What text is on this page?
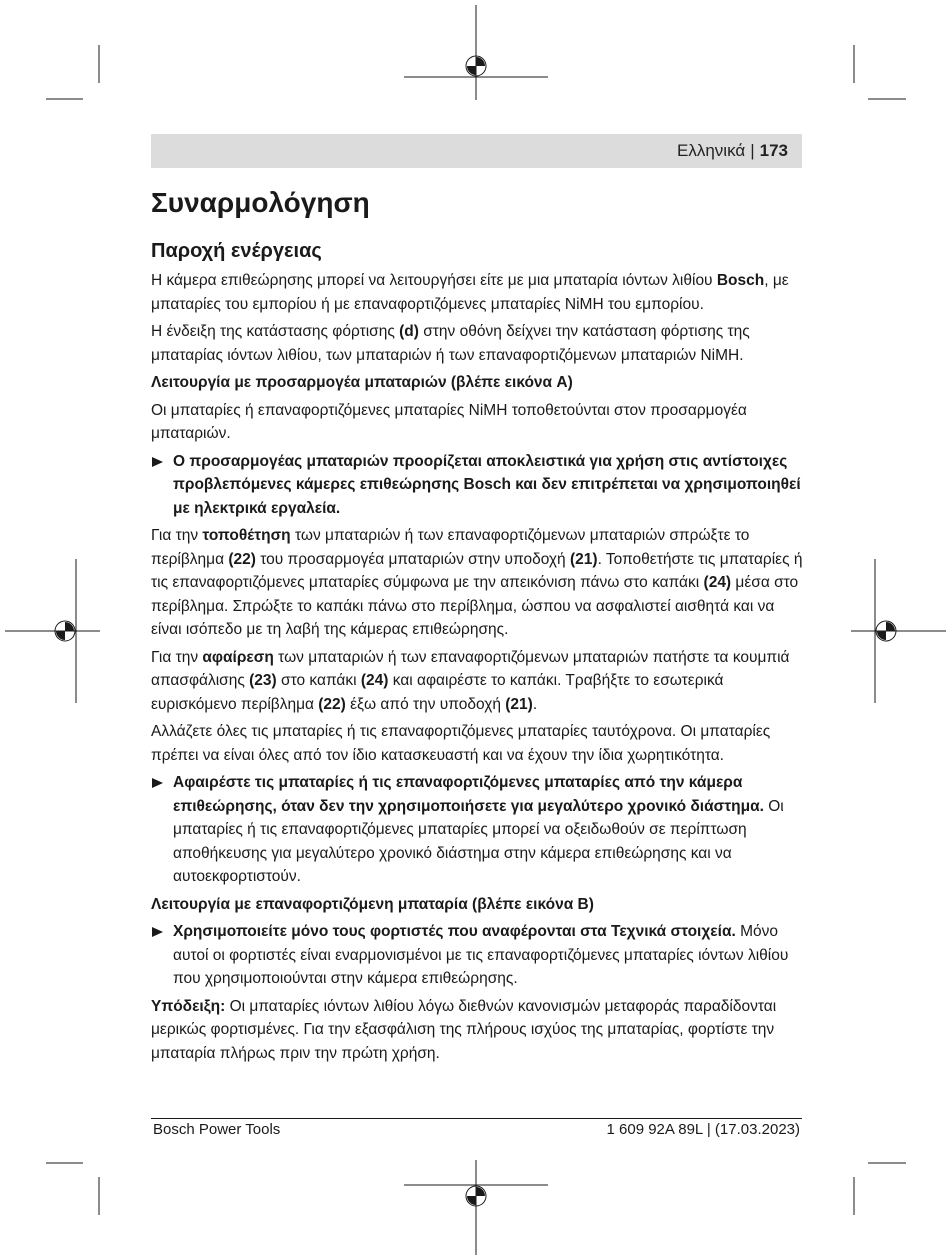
Ελληνικά | 173
Συναρμολόγηση
Παροχή ενέργειας

Η κάμερα επιθεώρησης μπορεί να λειτουργήσει είτε με μια μπαταρία ιόντων λιθίου Bosch, με μπαταρίες του εμπορίου ή με επαναφορτιζόμενες μπαταρίες NiMH του εμπορίου.

Η ένδειξη της κατάστασης φόρτισης (d) στην οθόνη δείχνει την κατάσταση φόρτισης της μπαταρίας ιόντων λιθίου, των μπαταριών ή των επαναφορτιζόμενων μπαταριών NiMH.

Λειτουργία με προσαρμογέα μπαταριών (βλέπε εικόνα A)

Οι μπαταρίες ή επαναφορτιζόμενες μπαταρίες NiMH τοποθετούνται στον προσαρμογέα μπαταριών.

Ο προσαρμογέας μπαταριών προορίζεται αποκλειστικά για χρήση στις αντίστοιχες προβλεπόμενες κάμερες επιθεώρησης Bosch και δεν επιτρέπεται να χρησιμοποιηθεί με ηλεκτρικά εργαλεία.

Για την τοποθέτηση των μπαταριών ή των επαναφορτιζόμενων μπαταριών σπρώξτε το περίβλημα (22) του προσαρμογέα μπαταριών στην υποδοχή (21). Τοποθετήστε τις μπαταρίες ή τις επαναφορτιζόμενες μπαταρίες σύμφωνα με την απεικόνιση πάνω στο καπάκι (24) μέσα στο περίβλημα. Σπρώξτε το καπάκι πάνω στο περίβλημα, ώσπου να ασφαλιστεί αισθητά και να είναι ισόπεδο με τη λαβή της κάμερας επιθεώρησης.

Για την αφαίρεση των μπαταριών ή των επαναφορτιζόμενων μπαταριών πατήστε τα κουμπιά απασφάλισης (23) στο καπάκι (24) και αφαιρέστε το καπάκι. Τραβήξτε το εσωτερικά ευρισκόμενο περίβλημα (22) έξω από την υποδοχή (21).

Αλλάζετε όλες τις μπαταρίες ή τις επαναφορτιζόμενες μπαταρίες ταυτόχρονα. Οι μπαταρίες πρέπει να είναι όλες από τον ίδιο κατασκευαστή και να έχουν την ίδια χωρητικότητα.

Αφαιρέστε τις μπαταρίες ή τις επαναφορτιζόμενες μπαταρίες από την κάμερα επιθεώρησης, όταν δεν την χρησιμοποιήσετε για μεγαλύτερο χρονικό διάστημα. Οι μπαταρίες ή τις επαναφορτιζόμενες μπαταρίες μπορεί να οξειδωθούν σε περίπτωση αποθήκευσης για μεγαλύτερο χρονικό διάστημα στην κάμερα επιθεώρησης και να αυτοεκφορτιστούν.
Λειτουργία με επαναφορτιζόμενη μπαταρία (βλέπε εικόνα B)
Χρησιμοποιείτε μόνο τους φορτιστές που αναφέρονται στα Τεχνικά στοιχεία. Μόνο αυτοί οι φορτιστές είναι εναρμονισμένοι με τις επαναφορτιζόμενες μπαταρίες ιόντων λιθίου που χρησιμοποιούνται στην κάμερα επιθεώρησης.

Υπόδειξη: Οι μπαταρίες ιόντων λιθίου λόγω διεθνών κανονισμών μεταφοράς παραδίδονται μερικώς φορτισμένες. Για την εξασφάλιση της πλήρους ισχύος της μπαταρίας, φορτίστε την μπαταρία πλήρως πριν την πρώτη χρήση.

Bosch Power Tools	1 609 92A 89L | (17.03.2023)
